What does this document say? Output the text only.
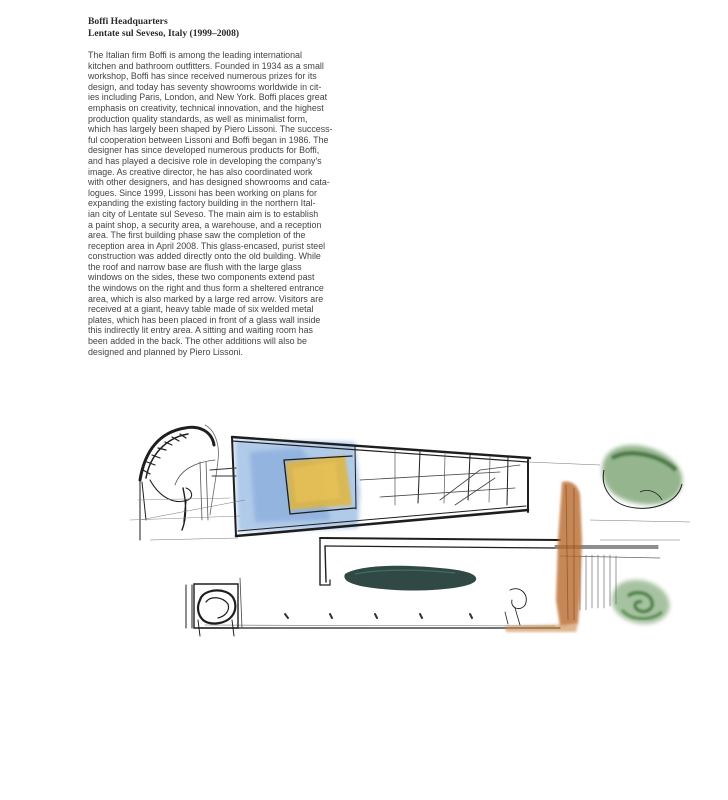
Boffi Headquarters

Lentate sul Seveso, Italy (1999–2008)

The Italian firm Boffi is among the leading international
kitchen and bathroom outfitters. Founded in 1934 as a small
workshop, Boffi has since received numerous prizes for its
design, and today has seventy showrooms worldwide in cit-
ies including Paris, London, and New York. Boffi places great
emphasis on creativity, technical innovation, and the highest
production quality standards, as well as minimalist form,
which has largely been shaped by Piero Lissoni. The success-
ful cooperation between Lissoni and Boffi began in 1986. The
designer has since developed numerous products for Boffi,
and has played a decisive role in developing the company's
image. As creative director, he has also coordinated work
with other designers, and has designed showrooms and cata-
logues. Since 1999, Lissoni has been working on plans for
expanding the existing factory building in the northern Ital-
ian city of Lentate sul Seveso. The main aim is to establish
a paint shop, a security area, a warehouse, and a reception
area. The first building phase saw the completion of the
reception area in April 2008. This glass-encased, purist steel
construction was added directly onto the old building. While
the roof and narrow base are flush with the large glass
windows on the sides, these two components extend past
the windows on the right and thus form a sheltered entrance
area, which is also marked by a large red arrow. Visitors are
received at a giant, heavy table made of six welded metal
plates, which has been placed in front of a glass wall inside
this indirectly lit entry area. A sitting and waiting room has
been added in the back. The other additions will also be
designed and planned by Piero Lissoni.
